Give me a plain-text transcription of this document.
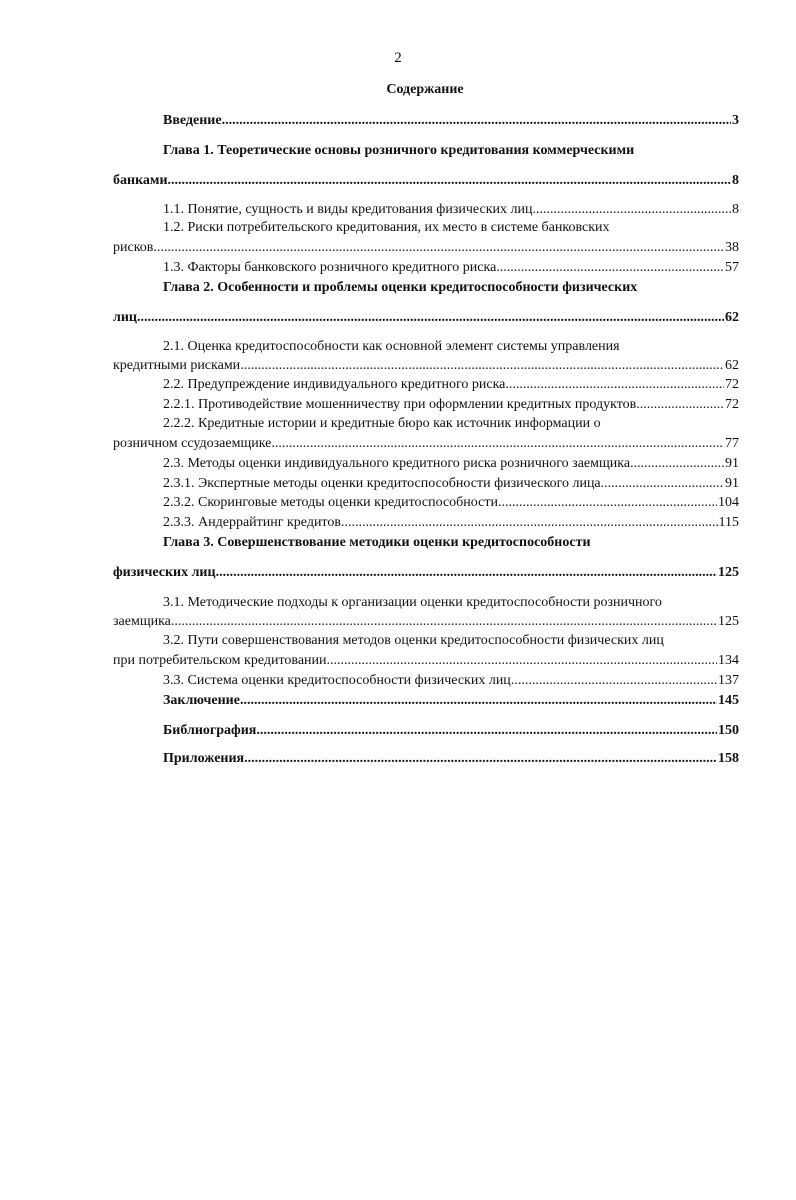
2
Содержание
Введение .....	3
Глава 1. Теоретические основы розничного кредитования коммерческими
банками .....	8
1.1. Понятие, сущность и виды кредитования физических лиц .....	8
1.2. Риски потребительского кредитования, их место в системе банковских
рисков .....	38
1.3. Факторы банковского розничного кредитного риска .....	57
Глава 2. Особенности и проблемы оценки кредитоспособности физических
лиц .....	62
2.1. Оценка кредитоспособности как основной элемент системы управления
кредитными рисками .....	62
2.2. Предупреждение индивидуального кредитного риска .....	72
2.2.1. Противодействие мошенничеству при оформлении кредитных продуктов .....	72
2.2.2. Кредитные истории и кредитные бюро как источник информации о
розничном ссудозаемщике .....	77
2.3. Методы оценки индивидуального кредитного риска розничного заемщика .....	91
2.3.1. Экспертные методы оценки кредитоспособности физического лица .....	91
2.3.2. Скоринговые методы оценки кредитоспособности. .....	104
2.3.3. Андеррайтинг кредитов .....	115
Глава 3. Совершенствование методики оценки кредитоспособности
физических лиц .....	125
3.1. Методические подходы к организации оценки кредитоспособности розничного
заемщика .....	125
3.2. Пути совершенствования методов оценки кредитоспособности физических лиц
при потребительском кредитовании .....	134
3.3. Система оценки кредитоспособности физических лиц .....	137
Заключение .....	145
Библиография .....	150
Приложения .....	158
